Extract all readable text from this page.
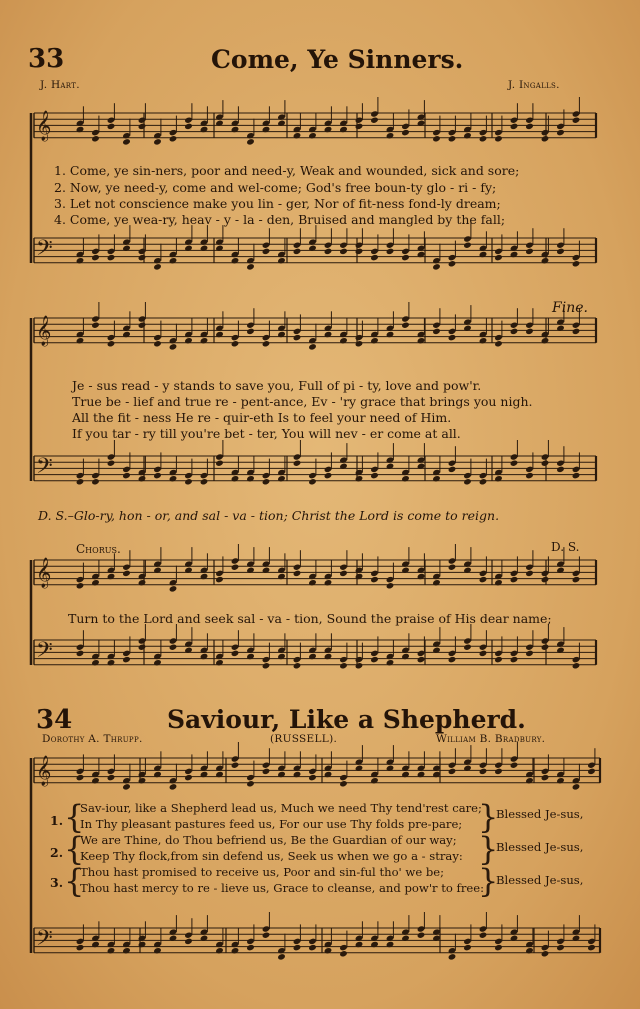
𝄞
𝄢
𝄞
𝄢
𝄞
𝄢
𝄞
𝄢
{	}
{	}
{	}
33	Come, Ye Sinners.
J. Hart.	J. Ingalls.
1. Come, ye sin-ners, poor and need-y, Weak and wounded, sick and sore;
2. Now, ye need-y, come and wel-come; God's free boun-ty glo - ri - fy;
3. Let not conscience make you lin - ger, Nor of fit-ness fond-ly dream;
4. Come, ye wea-ry, heav - y - la - den, Bruised and mangled by the fall;
Fine.
Je - sus read - y stands to save you, Full of pi - ty, love and pow'r.
True be - lief and true re - pent-ance, Ev - 'ry grace that brings you nigh.
All the fit - ness He re - quir-eth Is to feel your need of Him.
If you tar - ry till you're bet - ter, You will nev - er come at all.
D. S.–Glo-ry, hon - or, and sal - va - tion; Christ the Lord is come to reign.
Chorus.	D. S.
Turn to the Lord and seek sal - va - tion, Sound the praise of His dear name;
34	Saviour, Like a Shepherd.
Dorothy A. Thrupp.	(RUSSELL).	William B. Bradbury.
1.
Sav-iour, like a Shepherd lead us, Much we need Thy tend'rest care;
In Thy pleasant pastures feed us, For our use Thy folds pre-pare;
Blessed Je-sus,
2.
We are Thine, do Thou befriend us, Be the Guardian of our way;
Keep Thy flock,from sin defend us, Seek us when we go a - stray:
Blessed Je-sus,
3.
Thou hast promised to receive us, Poor and sin-ful tho' we be;
Thou hast mercy to re - lieve us, Grace to cleanse, and pow'r to free:
Blessed Je-sus,
